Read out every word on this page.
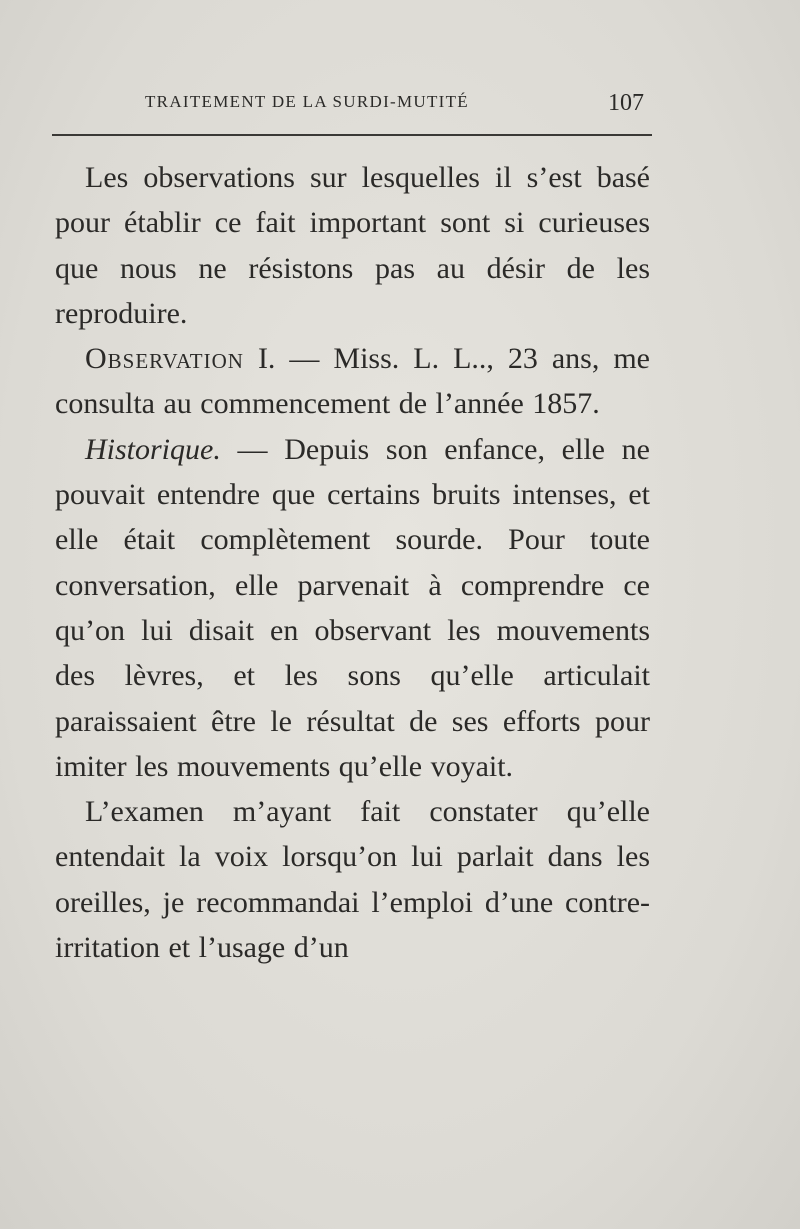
TRAITEMENT DE LA SURDI-MUTITÉ	107

Les observations sur lesquelles il s’est basé pour établir ce fait important sont si curieuses que nous ne résistons pas au désir de les reproduire.

Observation I. — Miss. L. L.., 23 ans, me consulta au commencement de l’année 1857.

Historique. — Depuis son enfance, elle ne pouvait entendre que certains bruits intenses, et elle était complètement sourde. Pour toute conversation, elle parvenait à comprendre ce qu’on lui disait en observant les mouvements des lèvres, et les sons qu’elle articulait paraissaient être le résultat de ses efforts pour imiter les mouvements qu’elle voyait.

L’examen m’ayant fait constater qu’elle entendait la voix lorsqu’on lui parlait dans les oreilles, je recommandai l’emploi d’une contre-irritation et l’usage d’un
